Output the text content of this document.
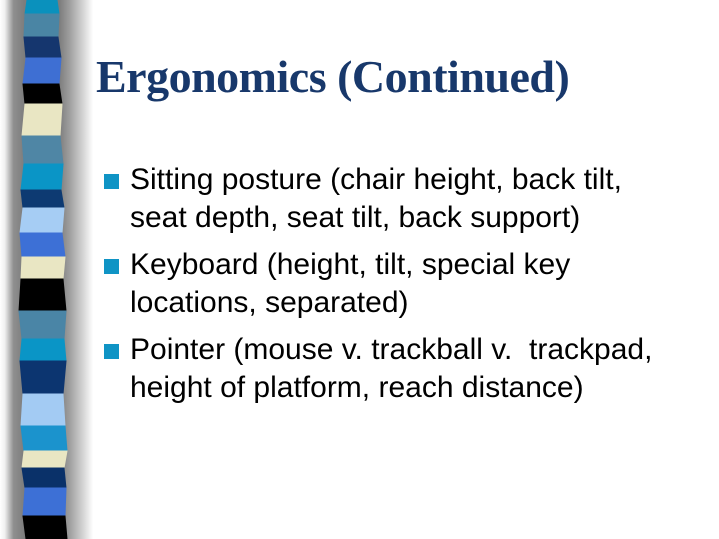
Ergonomics (Continued)
Sitting posture (chair height, back tilt,
seat depth, seat tilt, back support)
Keyboard (height, tilt, special key
locations, separated)
Pointer (mouse v. trackball v.  trackpad,
height of platform, reach distance)
